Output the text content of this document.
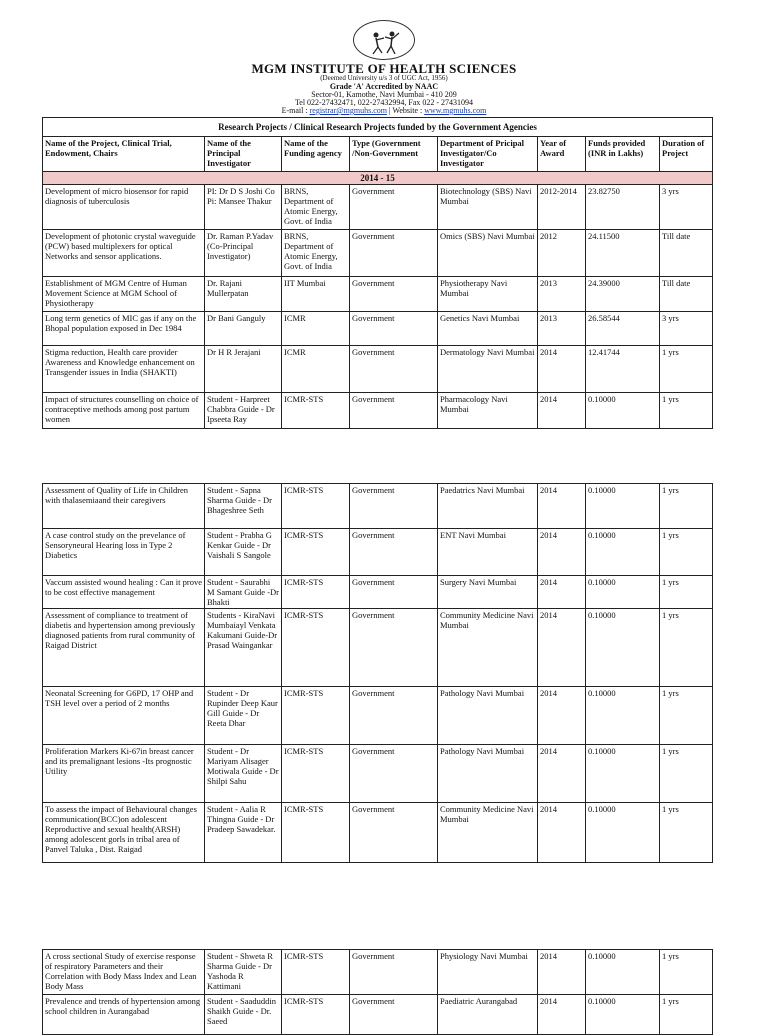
MGM INSTITUTE OF HEALTH SCIENCES
(Deemed University u/s 3 of UGC Act, 1956)
Grade 'A' Accredited by NAAC
Sector-01, Kamothe, Navi Mumbai - 410 209
Tel 022-27432471, 022-27432994, Fax 022 - 27431094
E-mail : registrar@mgmuhs.com | Website : www.mgmuhs.com
Research Projects / Clinical Research Projects funded by the Government Agencies							
Name of the Project, Clinical Trial, Endowment, Chairs	Name of the Principal Investigator	Name of the Funding agency	Type (Government /Non-Government	Department of Pricipal Investigator/Co Investigator	Year of Award	Funds provided (INR in Lakhs)	Duration of Project
2014 - 15							
Development of micro biosensor for rapid diagnosis of tuberculosis	PI: Dr D S Joshi Co Pi: Mansee Thakur	BRNS, Department of Atomic Energy, Govt. of India	Government	Biotechnology (SBS) Navi Mumbai	2012-2014	23.82750	3 yrs
Development of photonic crystal waveguide (PCW) based multiplexers for optical Networks and sensor applications.	Dr. Raman P.Yadav (Co-Principal Investigator)	BRNS, Department of Atomic Energy, Govt. of India	Government	Omics (SBS) Navi Mumbai	2012	24.11500	Till date
Establishment of MGM Centre of Human Movement Science at MGM School of Physiotherapy	Dr. Rajani Mullerpatan	IIT Mumbai	Government	Physiotherapy Navi Mumbai	2013	24.39000	Till date
Long term genetics of MIC gas if any on the Bhopal population exposed in Dec 1984	Dr Bani Ganguly	ICMR	Government	Genetics Navi Mumbai	2013	26.58544	3 yrs
Stigma reduction, Health care provider Awareness and Knowledge enhancement on Transgender issues in India (SHAKTI)	Dr H R Jerajani	ICMR	Government	Dermatology Navi Mumbai	2014	12.41744	1 yrs
Impact of structures counselling on choice of contraceptive methods among post partum women	Student - Harpreet Chabbra Guide - Dr Ipseeta Ray	ICMR-STS	Government	Pharmacology Navi Mumbai	2014	0.10000	1 yrs
Assessment of Quality of Life in Children with thalasemiaand their caregivers	Student - Sapna Sharma Guide - Dr Bhageshree Seth	ICMR-STS	Government	Paedatrics Navi Mumbai	2014	0.10000	1 yrs
A case control study on the prevelance of Sensoryneural Hearing loss in Type 2 Diabetics	Student - Prabha G Kenkar Guide - Dr Vaishali S Sangole	ICMR-STS	Government	ENT Navi Mumbai	2014	0.10000	1 yrs
Vaccum assisted wound healing : Can it prove to be cost effective management	Student - Saurabhi M Samant Guide -Dr Bhakti	ICMR-STS	Government	Surgery Navi Mumbai	2014	0.10000	1 yrs
Assessment of compliance to treatment of diabetis and hypertension among previously diagnosed patients from rural community of Raigad District	Students - KiraNavi Mumbaiayl Venkata Kakumani Guide-Dr Prasad Waingankar	ICMR-STS	Government	Community Medicine Navi Mumbai	2014	0.10000	1 yrs
Neonatal Screening for G6PD, 17 OHP and TSH level over a period of 2 months	Student - Dr Rupinder Deep Kaur Gill Guide - Dr Reeta Dhar	ICMR-STS	Government	Pathology Navi Mumbai	2014	0.10000	1 yrs
Proliferation Markers Ki-67in breast cancer and its premalignant lesions -Its prognostic Utility	Student - Dr Mariyam Alisager Motiwala Guide - Dr Shilpi Sahu	ICMR-STS	Government	Pathology Navi Mumbai	2014	0.10000	1 yrs
To assess the impact of Behavioural changes communication(BCC)on adolescent Reproductive and sexual health(ARSH) among adolescent gorls in tribal area of Panvel Taluka , Dist. Raigad	Student - Aalia R Thingna Guide - Dr Pradeep Sawadekar.	ICMR-STS	Government	Community Medicine Navi Mumbai	2014	0.10000	1 yrs
A cross sectional Study of exercise response of respiratory Parameters and their Correlation with Body Mass Index and Lean Body Mass	Student - Shweta R Sharma Guide - Dr Yashoda R Kattimani	ICMR-STS	Government	Physiology Navi Mumbai	2014	0.10000	1 yrs
Prevalence and trends of hypertension among school children in Aurangabad	Student - Saaduddin Shaikh Guide - Dr. Saeed	ICMR-STS	Government	Paediatric Aurangabad	2014	0.10000	1 yrs
